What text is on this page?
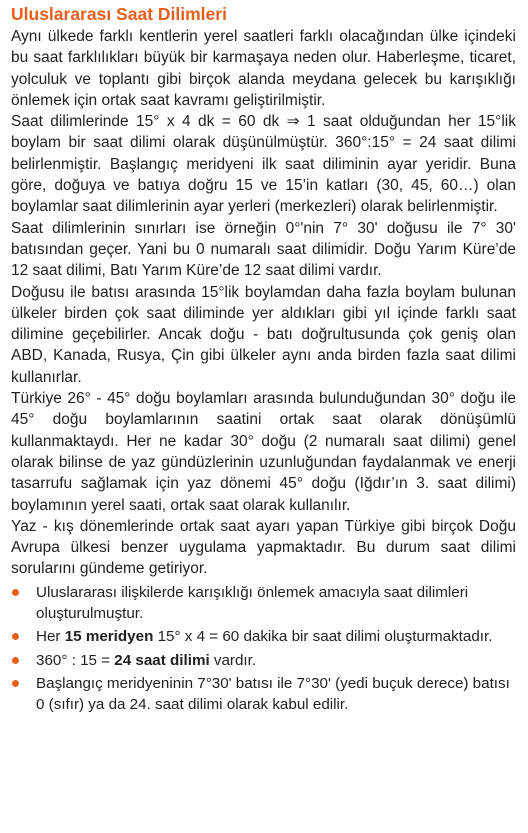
Uluslararası Saat Dilimleri

Aynı ülkede farklı kentlerin yerel saatleri farklı olacağından ülke içindeki bu saat farklılıkları büyük bir karmaşaya neden olur. Haberleşme, ticaret, yolculuk ve toplantı gibi birçok alanda meydana gelecek bu karışıklığı önlemek için ortak saat kavramı geliştirilmiştir.

Saat dilimlerinde 15° x 4 dk = 60 dk ⇒ 1 saat olduğundan her 15°lik boylam bir saat dilimi olarak düşünülmüştür. 360°:15° = 24 saat dilimi belirlenmiştir. Başlangıç meridyeni ilk saat diliminin ayar yeridir. Buna göre, doğuya ve batıya doğru 15 ve 15’in katları (30, 45, 60…) olan boylamlar saat dilimlerinin ayar yerleri (merkezleri) olarak belirlenmiştir.

Saat dilimlerinin sınırları ise örneğin 0°'nin 7° 30' doğusu ile 7° 30' batısından geçer. Yani bu 0 numaralı saat dilimidir. Doğu Yarım Küre’de 12 saat dilimi, Batı Yarım Küre’de 12 saat dilimi vardır.

Doğusu ile batısı arasında 15°lik boylamdan daha fazla boylam bulunan ülkeler birden çok saat diliminde yer aldıkları gibi yıl içinde farklı saat dilimine geçebilirler. Ancak doğu - batı doğrultusunda çok geniş olan ABD, Kanada, Rusya, Çin gibi ülkeler aynı anda birden fazla saat dilimi kullanırlar.

Türkiye 26° - 45° doğu boylamları arasında bulunduğundan 30° doğu ile 45° doğu boylamlarının saatini ortak saat olarak dönüşümlü kullanmaktaydı. Her ne kadar 30° doğu (2 numaralı saat dilimi) genel olarak bilinse de yaz gündüzlerinin uzunluğundan faydalanmak ve enerji tasarrufu sağlamak için yaz dönemi 45° doğu (Iğdır’ın 3. saat dilimi) boylamının yerel saati, ortak saat olarak kullanılır.

Yaz - kış dönemlerinde ortak saat ayarı yapan Türkiye gibi birçok Doğu Avrupa ülkesi benzer uygulama yapmaktadır. Bu durum saat dilimi sorularını gündeme getiriyor.

Uluslararası ilişkilerde karışıklığı önlemek amacıyla saat dilimleri oluşturulmuştur.
Her 15 meridyen 15° x 4 = 60 dakika bir saat dilimi oluşturmaktadır.
360° : 15 = 24 saat dilimi vardır.
Başlangıç meridyeninin 7°30' batısı ile 7°30' (yedi buçuk derece) batısı 0 (sıfır) ya da 24. saat dilimi olarak kabul edilir.
